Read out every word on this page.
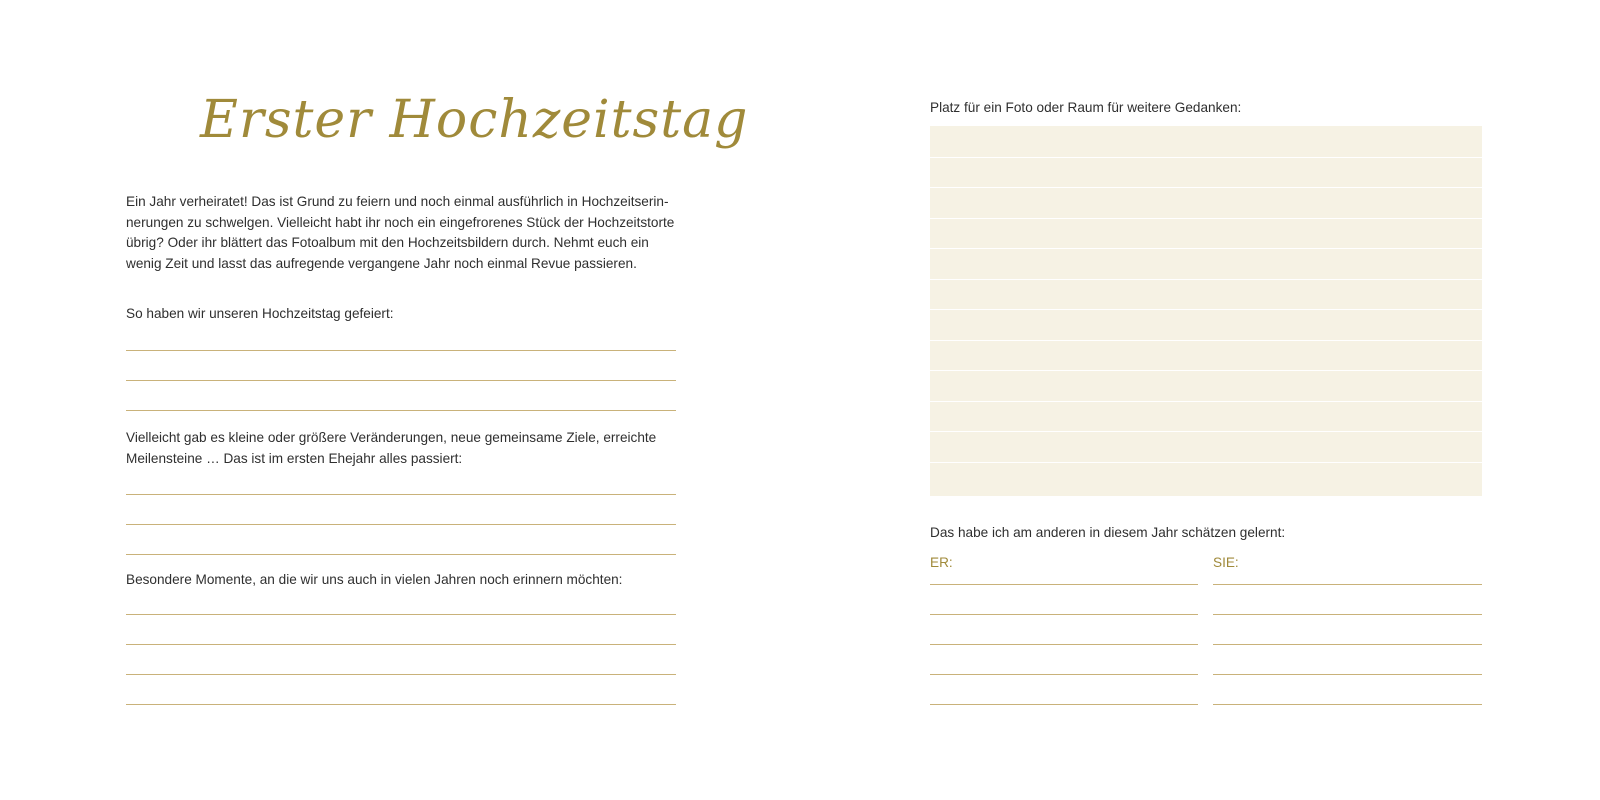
Erster Hochzeitstag
Ein Jahr verheiratet! Das ist Grund zu feiern und noch einmal ausführlich in Hochzeitserin-
nerungen zu schwelgen. Vielleicht habt ihr noch ein eingefrorenes Stück der Hochzeitstorte
übrig? Oder ihr blättert das Fotoalbum mit den Hochzeitsbildern durch. Nehmt euch ein
wenig Zeit und lasst das aufregende vergangene Jahr noch einmal Revue passieren.
So haben wir unseren Hochzeitstag gefeiert:
Vielleicht gab es kleine oder größere Veränderungen, neue gemeinsame Ziele, erreichte
Meilensteine … Das ist im ersten Ehejahr alles passiert:
Besondere Momente, an die wir uns auch in vielen Jahren noch erinnern möchten:
Platz für ein Foto oder Raum für weitere Gedanken:
Das habe ich am anderen in diesem Jahr schätzen gelernt:
ER:	SIE:
